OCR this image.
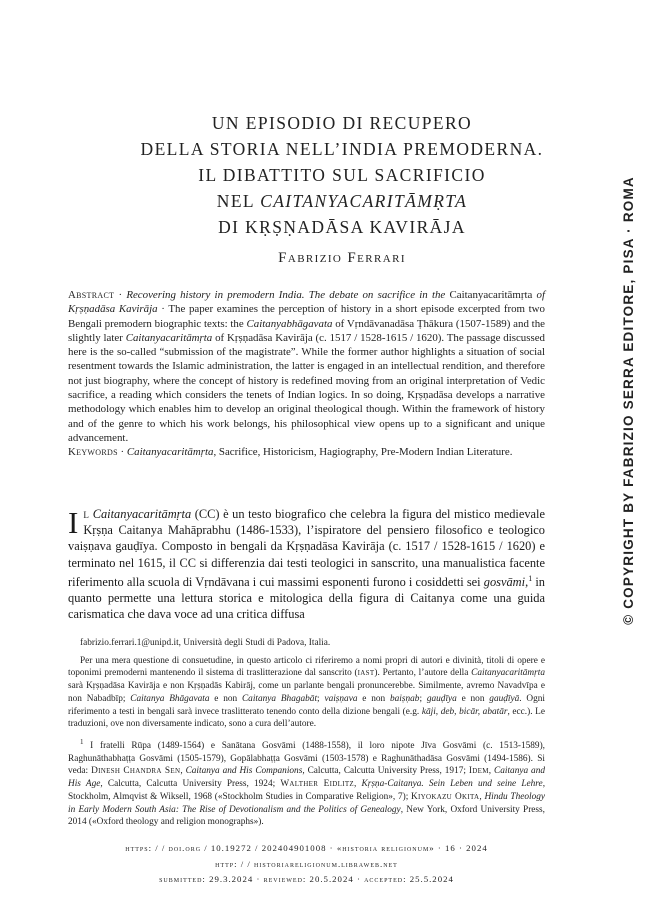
© COPYRIGHT BY FABRIZIO SERRA EDITORE, PISA · ROMA
UN EPISODIO DI RECUPERO
DELLA STORIA NELL’INDIA PREMODERNA.
IL DIBATTITO SUL SACRIFICIO
NEL CAITANYACARITĀMṚTA
DI KṚṢṆADĀSA KAVIRĀJA
Fabrizio Ferrari
Abstract · Recovering history in premodern India. The debate on sacrifice in the Caitanyacaritāmṛta of Kṛṣṇadāsa Kavirāja · The paper examines the perception of history in a short episode excerpted from two Bengali premodern biographic texts: the Caitanyabhāgavata of Vṛndāvanadāsa Ṭhākura (1507-1589) and the slightly later Caitanyacaritāmṛta of Kṛṣṇadāsa Kavirāja (c. 1517 / 1528-1615 / 1620). The passage discussed here is the so-called “submission of the magistrate”. While the former author highlights a situation of social resentment towards the Islamic administration, the latter is engaged in an intellectual rendition, and therefore not just biography, where the concept of history is redefined moving from an original interpretation of Vedic sacrifice, a reading which considers the tenets of Indian logics. In so doing, Kṛṣṇadāsa develops a narrative methodology which enables him to develop an original theological though. Within the framework of history and of the genre to which his work belongs, his philosophical view opens up to a significant and unique advancement.
Keywords · Caitanyacaritāmṛta, Sacrifice, Historicism, Hagiography, Pre-Modern Indian Literature.
Il Caitanyacaritāmṛta (CC) è un testo biografico che celebra la figura del mistico medievale Kṛṣṇa Caitanya Mahāprabhu (1486-1533), l’ispiratore del pensiero filosofico e teologico vaiṣṇava gauḍīya. Composto in bengali da Kṛṣṇadāsa Kavirāja (c. 1517 / 1528-1615 / 1620) e terminato nel 1615, il CC si differenzia dai testi teologici in sanscrito, una manualistica facente riferimento alla scuola di Vṛndāvana i cui massimi esponenti furono i cosiddetti sei gosvāmi,$^1$ in quanto permette una lettura storica e mitologica della figura di Caitanya come una guida carismatica che dava voce ad una critica diffusa

fabrizio.ferrari.1@unipd.it, Università degli Studi di Padova, Italia.

Per una mera questione di consuetudine, in questo articolo ci riferiremo a nomi propri di autori e divinità, titoli di opere e toponimi premoderni mantenendo il sistema di traslitterazione dal sanscrito (iast). Pertanto, l’autore della Caitanyacaritāmṛta sarà Kṛṣṇadāsa Kavirāja e non Kṛṣṇadās Kabirāj, come un parlante bengali pronuncerebbe. Similmente, avremo Navadvīpa e non Nabadbīp; Caitanya Bhāgavata e non Caitanya Bhagabāt; vaiṣṇava e non baiṣṇab; gauḍīya e non gauḍīyā. Ogni riferimento a testi in bengali sarà invece traslitterato tenendo conto della dizione bengali (e.g. kāji, deb, bicār, abatār, ecc.). Le traduzioni, ove non diversamente indicato, sono a cura dell’autore.

$^1$ I fratelli Rūpa (1489-1564) e Sanātana Gosvāmi (1488-1558), il loro nipote Jīva Gosvāmi (c. 1513-1589), Raghunāthabhaṭṭa Gosvāmi (1505-1579), Gopālabhaṭṭa Gosvāmi (1503-1578) e Raghunāthadāsa Gosvāmi (1494-1586). Si veda: Dinesh Chandra Sen, Caitanya and His Companions, Calcutta, Calcutta University Press, 1917; Idem, Caitanya and His Age, Calcutta, Calcutta University Press, 1924; Walther Eidlitz, Kṛṣṇa-Caitanya. Sein Leben und seine Lehre, Stockholm, Almqvist & Wiksell, 1968 («Stockholm Studies in Comparative Religion», 7); Kiyokazu Okita, Hindu Theology in Early Modern South Asia: The Rise of Devotionalism and the Politics of Genealogy, New York, Oxford University Press, 2014 («Oxford theology and religion monographs»).

https: / / doi.org / 10.19272 / 202404901008 · «historia religionum» · 16 · 2024
http: / / historiareligionum.libraweb.net
submitted: 29.3.2024 · reviewed: 20.5.2024 · accepted: 25.5.2024
